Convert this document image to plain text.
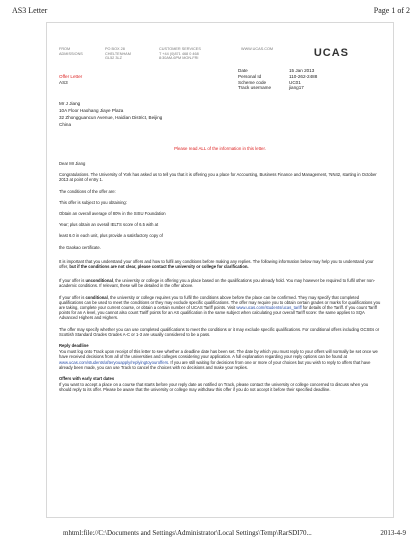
AS3 Letter	Page 1 of 2
FROM
ADMISSIONS
PO BOX 28
CHELTENHAM
GL52 3LZ
CUSTOMER SERVICES
T +44 (0)871 468 0 468
8:30AM-6PM MON-FRI
WWW.UCAS.COM	UCAS
Offer Letter
AS3
Date	15 Jan 2013
Personal Id	110-262-2488
Scheme code	UC01
Track username	jiang17
Mr J Jiang
10A Floor Haohang Jiaye Plaza
32 Zhongguancun Avenue, Haidian District, Beijing
China
Please read ALL of the information in this letter.

Dear Mr Jiang

Congratulations. The University of York has asked us to tell you that it is offering you a place for Accounting, Business Finance and Management, 'NN42, starting in October 2013 at point of entry 1.

The conditions of the offer are:

This offer is subject to you obtaining:

Obtain an overall average of 80% in the SISU Foundation

Year; plus obtain an overall IELTS score of 6.5 with at

least 6.0 in each unit, plus provide a satisfactory copy of

the Gaokao certificate.

It is important that you understand your offers and how to fulfil any conditions before making any replies. The following information below may help you to understand your offer, but if the conditions are not clear, please contact the university or college for clarification.

If your offer is unconditional, the university or college is offering you a place based on the qualifications you already hold. You may however be required to fulfil other non-academic conditions. If relevant, these will be detailed in the offer above.

If your offer is conditional, the university or college requires you to fulfil the conditions above before the place can be confirmed. They may specify that completed qualifications can be used to meet the conditions or they may exclude specific qualifications. The offer may require you to obtain certain grades or marks for qualifications you are taking, complete your current course, or obtain a certain number of UCAS Tariff points. Visit www.ucas.com/students/ucas_tariff for details of the Tariff. If you count Tariff points for an A level, you cannot also count Tariff points for an AS qualification in the same subject when calculating your overall Tariff score: the same applies to SQA Advanced Highers and Highers.

The offer may specify whether you can use completed qualifications to meet the conditions or it may exclude specific qualifications. For conditional offers including GCSEs or Scottish Standard Grades Grades A-C or 1-3 are usually considered to be a pass.

Reply deadline

You must log onto Track upon receipt of this letter to see whether a deadline date has been set. The date by which you must reply to your offers will normally be set once we have received decisions from all of the universities and colleges considering your application. A full explanation regarding your reply options can be found at www.ucas.com/students/afteryouapply/replyingtoyouroffers. If you are still waiting for decisions from one or more of your choices but you wish to reply to offers that have already been made, you can use Track to cancel the choices with no decisions and make your replies.

Offers with early start dates

If you want to accept a place on a course that starts before your reply date as notified on Track, please contact the university or college concerned to discuss when you should reply to its offer. Please be aware that the university or college may withdraw this offer if you do not accept it before their specified deadline.

mhtml:file://C:\Documents and Settings\Administrator\Local Settings\Temp\RarSDI70...	2013-4-9
